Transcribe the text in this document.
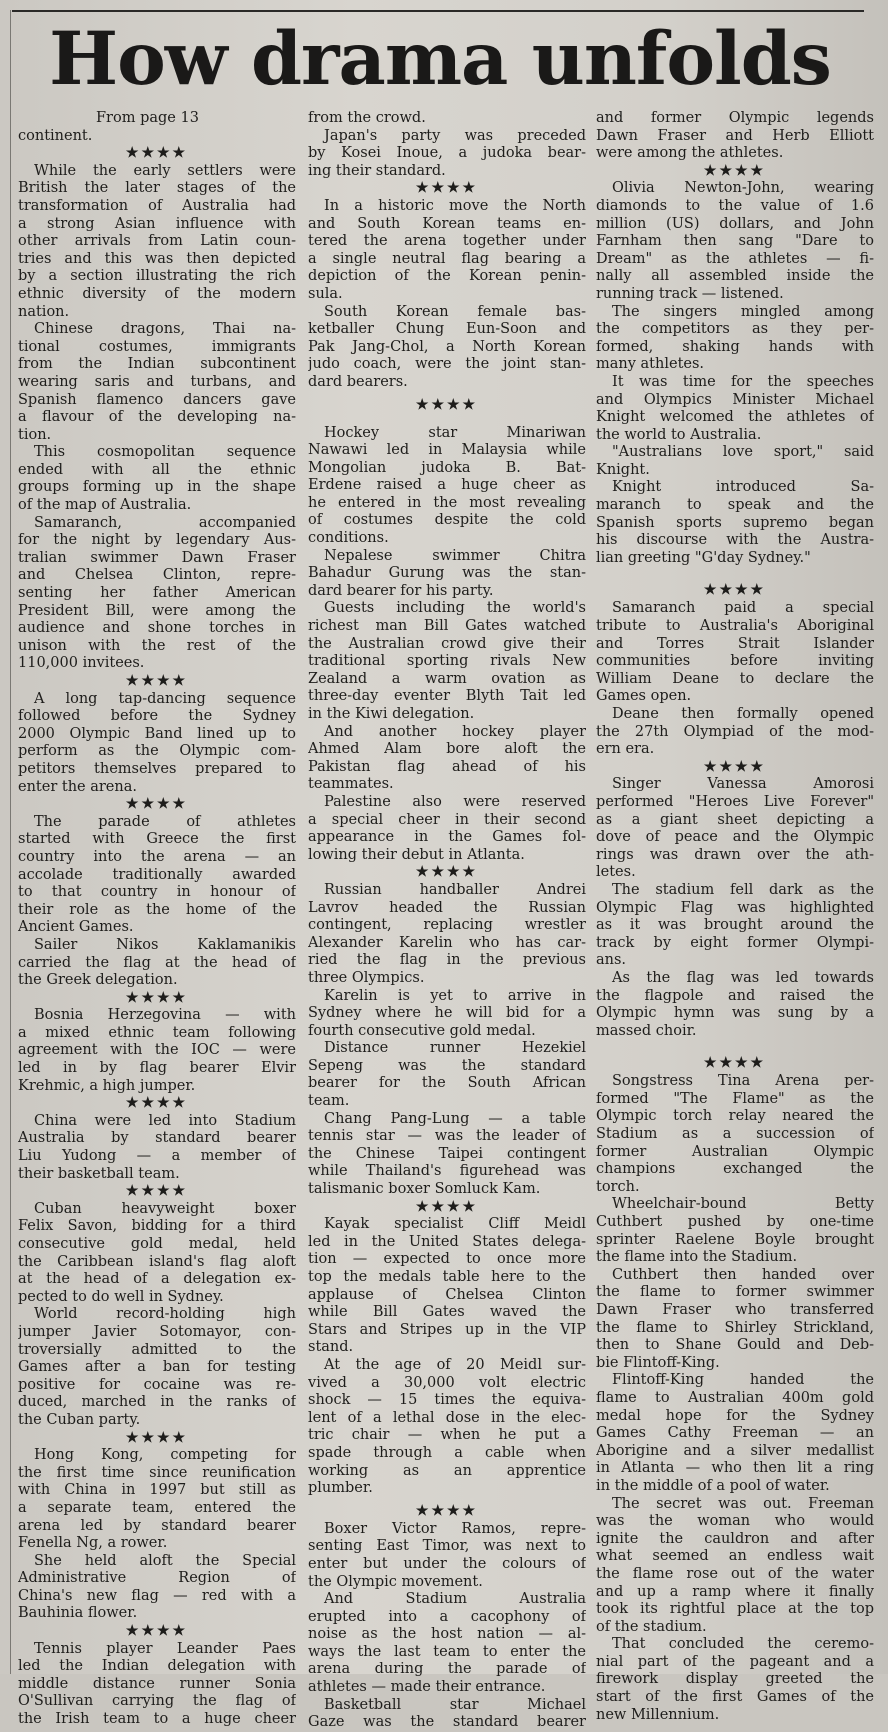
How drama unfolds
From page 13
continent.
★★★★
While the early settlers were
British the later stages of the
transformation of Australia had
a strong Asian influence with
other arrivals from Latin coun-
tries and this was then depicted
by a section illustrating the rich
ethnic diversity of the modern
nation.
Chinese dragons, Thai na-
tional costumes, immigrants
from the Indian subcontinent
wearing saris and turbans, and
Spanish flamenco dancers gave
a flavour of the developing na-
tion.
This cosmopolitan sequence
ended with all the ethnic
groups forming up in the shape
of the map of Australia.
Samaranch, accompanied
for the night by legendary Aus-
tralian swimmer Dawn Fraser
and Chelsea Clinton, repre-
senting her father American
President Bill, were among the
audience and shone torches in
unison with the rest of the
110,000 invitees.
★★★★
A long tap-dancing sequence
followed before the Sydney
2000 Olympic Band lined up to
perform as the Olympic com-
petitors themselves prepared to
enter the arena.
★★★★
The parade of athletes
started with Greece the first
country into the arena — an
accolade traditionally awarded
to that country in honour of
their role as the home of the
Ancient Games.
Sailer Nikos Kaklamanikis
carried the flag at the head of
the Greek delegation.
★★★★
Bosnia Herzegovina — with
a mixed ethnic team following
agreement with the IOC — were
led in by flag bearer Elvir
Krehmic, a high jumper.
★★★★
China were led into Stadium
Australia by standard bearer
Liu Yudong — a member of
their basketball team.
★★★★
Cuban heavyweight boxer
Felix Savon, bidding for a third
consecutive gold medal, held
the Caribbean island's flag aloft
at the head of a delegation ex-
pected to do well in Sydney.
World record-holding high
jumper Javier Sotomayor, con-
troversially admitted to the
Games after a ban for testing
positive for cocaine was re-
duced, marched in the ranks of
the Cuban party.
★★★★
Hong Kong, competing for
the first time since reunification
with China in 1997 but still as
a separate team, entered the
arena led by standard bearer
Fenella Ng, a rower.
She held aloft the Special
Administrative Region of
China's new flag — red with a
Bauhinia flower.
★★★★
Tennis player Leander Paes
led the Indian delegation with
middle distance runner Sonia
O'Sullivan carrying the flag of
the Irish team to a huge cheer
from the crowd.
Japan's party was preceded
by Kosei Inoue, a judoka bear-
ing their standard.
★★★★
In a historic move the North
and South Korean teams en-
tered the arena together under
a single neutral flag bearing a
depiction of the Korean penin-
sula.
South Korean female bas-
ketballer Chung Eun-Soon and
Pak Jang-Chol, a North Korean
judo coach, were the joint stan-
dard bearers.
★★★★
Hockey star Minariwan
Nawawi led in Malaysia while
Mongolian judoka B. Bat-
Erdene raised a huge cheer as
he entered in the most revealing
of costumes despite the cold
conditions.
Nepalese swimmer Chitra
Bahadur Gurung was the stan-
dard bearer for his party.
Guests including the world's
richest man Bill Gates watched
the Australian crowd give their
traditional sporting rivals New
Zealand a warm ovation as
three-day eventer Blyth Tait led
in the Kiwi delegation.
And another hockey player
Ahmed Alam bore aloft the
Pakistan flag ahead of his
teammates.
Palestine also were reserved
a special cheer in their second
appearance in the Games fol-
lowing their debut in Atlanta.
★★★★
Russian handballer Andrei
Lavrov headed the Russian
contingent, replacing wrestler
Alexander Karelin who has car-
ried the flag in the previous
three Olympics.
Karelin is yet to arrive in
Sydney where he will bid for a
fourth consecutive gold medal.
Distance runner Hezekiel
Sepeng was the standard
bearer for the South African
team.
Chang Pang-Lung — a table
tennis star — was the leader of
the Chinese Taipei contingent
while Thailand's figurehead was
talismanic boxer Somluck Kam.
★★★★
Kayak specialist Cliff Meidl
led in the United States delega-
tion — expected to once more
top the medals table here to the
applause of Chelsea Clinton
while Bill Gates waved the
Stars and Stripes up in the VIP
stand.
At the age of 20 Meidl sur-
vived a 30,000 volt electric
shock — 15 times the equiva-
lent of a lethal dose in the elec-
tric chair — when he put a
spade through a cable when
working as an apprentice
plumber.
★★★★
Boxer Victor Ramos, repre-
senting East Timor, was next to
enter but under the colours of
the Olympic movement.
And Stadium Australia
erupted into a cacophony of
noise as the host nation — al-
ways the last team to enter the
arena during the parade of
athletes — made their entrance.
Basketball star Michael
Gaze was the standard bearer
and former Olympic legends
Dawn Fraser and Herb Elliott
were among the athletes.
★★★★
Olivia Newton-John, wearing
diamonds to the value of 1.6
million (US) dollars, and John
Farnham then sang "Dare to
Dream" as the athletes — fi-
nally all assembled inside the
running track — listened.
The singers mingled among
the competitors as they per-
formed, shaking hands with
many athletes.
It was time for the speeches
and Olympics Minister Michael
Knight welcomed the athletes of
the world to Australia.
"Australians love sport," said
Knight.
Knight introduced Sa-
maranch to speak and the
Spanish sports supremo began
his discourse with the Austra-
lian greeting "G'day Sydney."
★★★★
Samaranch paid a special
tribute to Australia's Aboriginal
and Torres Strait Islander
communities before inviting
William Deane to declare the
Games open.
Deane then formally opened
the 27th Olympiad of the mod-
ern era.
★★★★
Singer Vanessa Amorosi
performed "Heroes Live Forever"
as a giant sheet depicting a
dove of peace and the Olympic
rings was drawn over the ath-
letes.
The stadium fell dark as the
Olympic Flag was highlighted
as it was brought around the
track by eight former Olympi-
ans.
As the flag was led towards
the flagpole and raised the
Olympic hymn was sung by a
massed choir.
★★★★
Songstress Tina Arena per-
formed "The Flame" as the
Olympic torch relay neared the
Stadium as a succession of
former Australian Olympic
champions exchanged the
torch.
Wheelchair-bound Betty
Cuthbert pushed by one-time
sprinter Raelene Boyle brought
the flame into the Stadium.
Cuthbert then handed over
the flame to former swimmer
Dawn Fraser who transferred
the flame to Shirley Strickland,
then to Shane Gould and Deb-
bie Flintoff-King.
Flintoff-King handed the
flame to Australian 400m gold
medal hope for the Sydney
Games Cathy Freeman — an
Aborigine and a silver medallist
in Atlanta — who then lit a ring
in the middle of a pool of water.
The secret was out. Freeman
was the woman who would
ignite the cauldron and after
what seemed an endless wait
the flame rose out of the water
and up a ramp where it finally
took its rightful place at the top
of the stadium.
That concluded the ceremo-
nial part of the pageant and a
firework display greeted the
start of the first Games of the
new Millennium.
